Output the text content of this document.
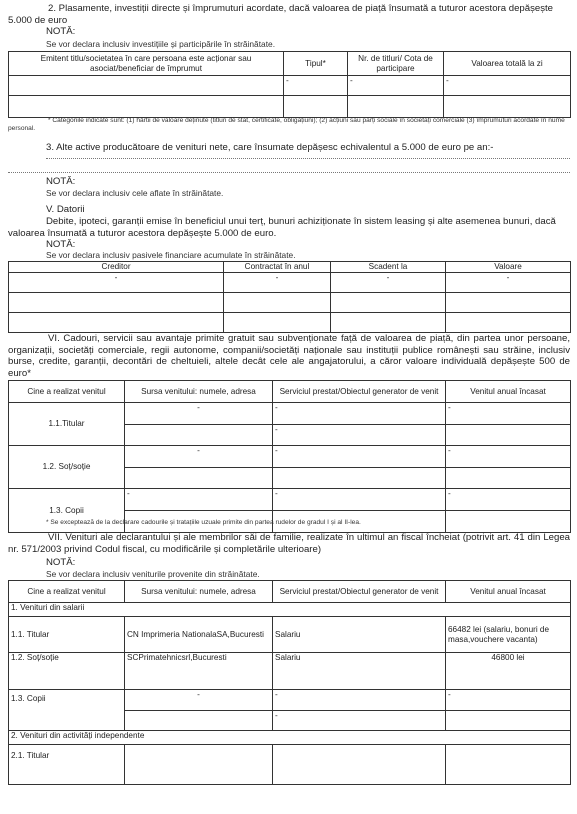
2. Plasamente, investiții directe și împrumuturi acordate, dacă valoarea de piață însumată a tuturor acestora depășește 5.000 de euro
NOTĂ:
Se vor declara inclusiv investițiile și participările în străinătate.
Emitent titlu/societatea în care persoana este acționar sau asociat/beneficiar de împrumut	Tipul*	Nr. de titluri/ Cota de participare	Valoarea totală la zi
	-	-	-

* Categoriile indicate sunt: (1) hârtii de valoare deținute (titluri de stat, certificate, obligațiuni); (2) acțiuni sau părți sociale în societăți comerciale (3) împrumuturi acordate în nume personal.
3. Alte active producătoare de venituri nete, care însumate depășesc echivalentul a 5.000 de euro pe an:-
NOTĂ:
Se vor declara inclusiv cele aflate în străinătate.
V. Datorii
Debite, ipoteci, garanții emise în beneficiul unui terț, bunuri achiziționate în sistem leasing și alte asemenea bunuri, dacă valoarea însumată a tuturor acestora depășește 5.000 de euro.
NOTĂ:
Se vor declara inclusiv pasivele financiare acumulate în străinătate.
Creditor	Contractat în anul	Scadent la	Valoare
-	-	-	-

VI. Cadouri, servicii sau avantaje primite gratuit sau subvenționate față de valoarea de piață, din partea unor persoane, organizații, societăți comerciale, regii autonome, companii/societăți naționale sau instituții publice românești sau străine, inclusiv burse, credite, garanții, decontări de cheltuieli, altele decât cele ale angajatorului, a căror valoare individuală depășește 500 de euro*
Cine a realizat venitul	Sursa venitului: numele, adresa	Serviciul prestat/Obiectul generator de venit	Venitul anual încasat
1.1.Titular	-	-	-
		-	
1.2. Soț/soție	-	-	-

1.3. Copii	-	-	-

* Se exceptează de la declarare cadourile și tratațiile uzuale primite din partea rudelor de gradul I și al II-lea.
VII. Venituri ale declarantului și ale membrilor săi de familie, realizate în ultimul an fiscal încheiat (potrivit art. 41 din Legea nr. 571/2003 privind Codul fiscal, cu modificările și completările ulterioare)
NOTĂ:
Se vor declara inclusiv veniturile provenite din străinătate.
Cine a realizat venitul	Sursa venitului: numele, adresa	Serviciul prestat/Obiectul generator de venit	Venitul anual încasat
1. Venituri din salarii			
1.1. Titular	CN Imprimeria NationalaSA,Bucuresti	Salariu	66482 lei (salariu, bonuri de masa,vouchere vacanta)
1.2. Soț/soție	SCPrimatehnicsrl,Bucuresti	Salariu	46800 lei
1.3. Copii	-	-	-
		-	
2. Venituri din activități independente			
2.1. Titular			
